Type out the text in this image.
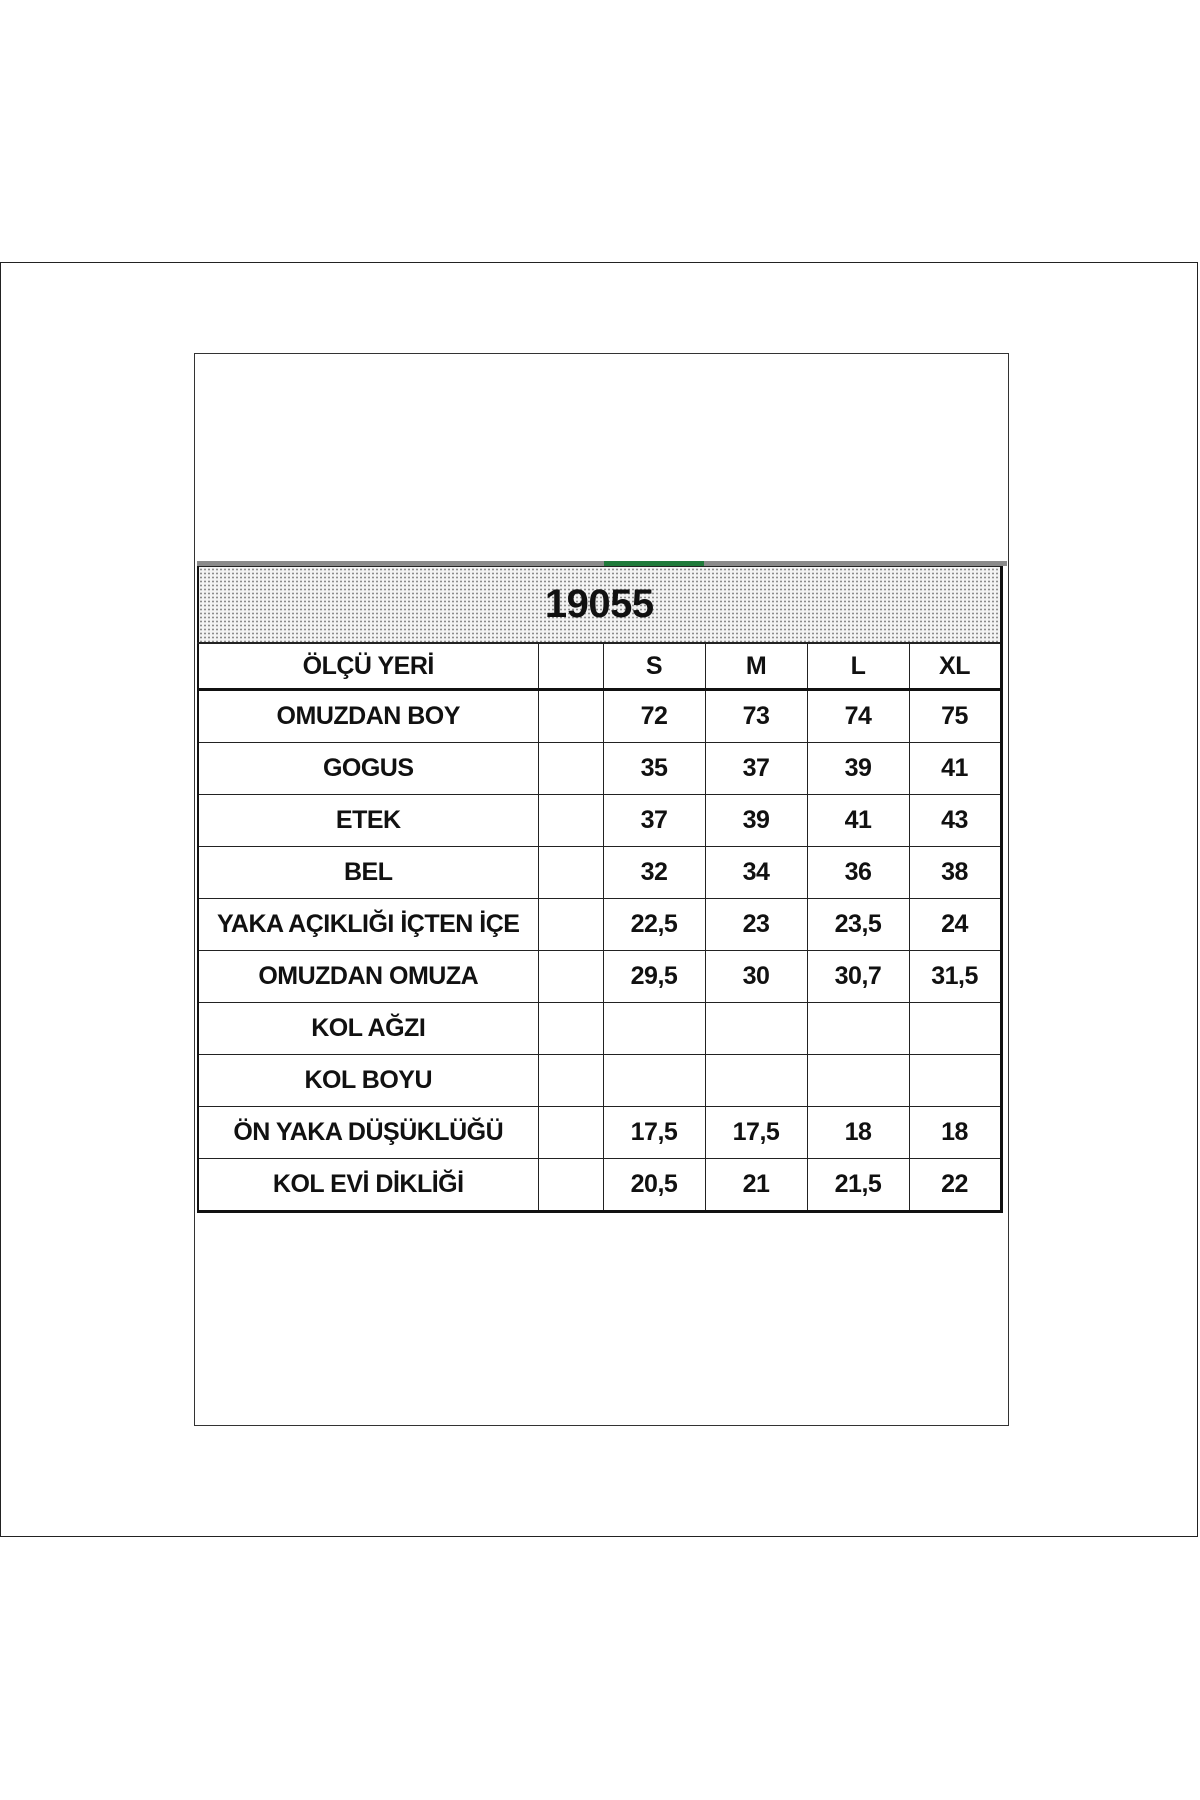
19055					
ÖLÇÜ YERİ		S	M	L	XL
OMUZDAN BOY		72	73	74	75
GOGUS		35	37	39	41
ETEK		37	39	41	43
BEL		32	34	36	38
YAKA AÇIKLIĞI İÇTEN İÇE		22,5	23	23,5	24
OMUZDAN OMUZA		29,5	30	30,7	31,5
KOL AĞZI					
KOL BOYU					
ÖN YAKA DÜŞÜKLÜĞÜ		17,5	17,5	18	18
KOL EVİ DİKLİĞİ		20,5	21	21,5	22
